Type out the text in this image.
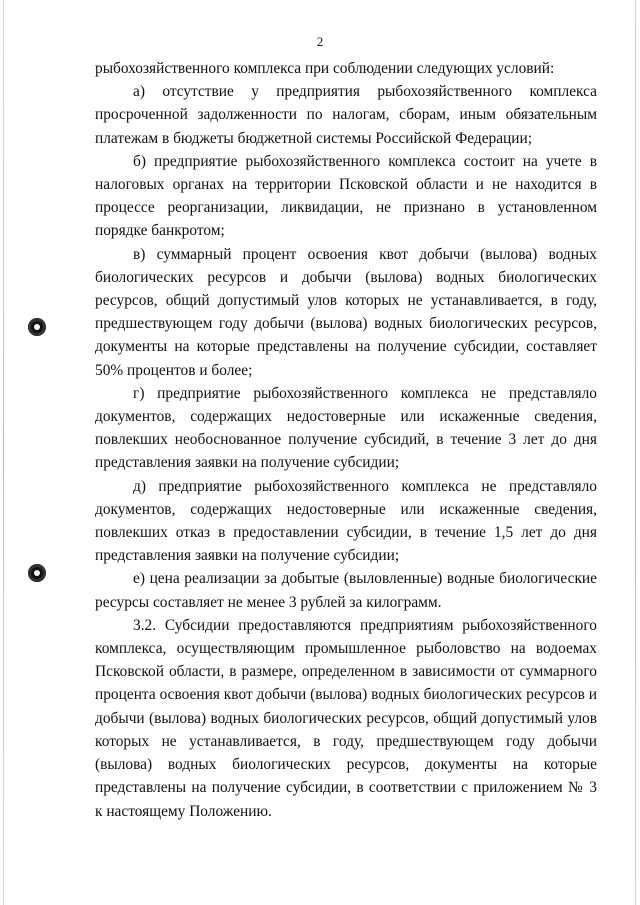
2

рыбохозяйственного комплекса при соблюдении следующих условий:

а) отсутствие у предприятия рыбохозяйственного комплекса просроченной задолженности по налогам, сборам, иным обязательным платежам в бюджеты бюджетной системы Российской Федерации;

б) предприятие рыбохозяйственного комплекса состоит на учете в налоговых органах на территории Псковской области и не находится в процессе реорганизации, ликвидации, не признано в установленном порядке банкротом;

в) суммарный процент освоения квот добычи (вылова) водных биологических ресурсов и добычи (вылова) водных биологических ресурсов, общий допустимый улов которых не устанавливается, в году, предшествующем году добычи (вылова) водных биологических ресурсов, документы на которые представлены на получение субсидии, составляет 50% процентов и более;

г) предприятие рыбохозяйственного комплекса не представляло документов, содержащих недостоверные или искаженные сведения, повлекших необоснованное получение субсидий, в течение 3 лет до дня представления заявки на получение субсидии;

д) предприятие рыбохозяйственного комплекса не представляло документов, содержащих недостоверные или искаженные сведения, повлекших отказ в предоставлении субсидии, в течение 1,5 лет до дня представления заявки на получение субсидии;

е) цена реализации за добытые (выловленные) водные биологические ресурсы составляет не менее 3 рублей за килограмм.

3.2. Субсидии предоставляются предприятиям рыбохозяйственного комплекса, осуществляющим промышленное рыболовство на водоемах Псковской области, в размере, определенном в зависимости от суммарного процента освоения квот добычи (вылова) водных биологических ресурсов и добычи (вылова) водных биологических ресурсов, общий допустимый улов которых не устанавливается, в году, предшествующем году добычи (вылова) водных биологических ресурсов, документы на которые представлены на получение субсидии, в соответствии с приложением № 3

к настоящему Положению.
